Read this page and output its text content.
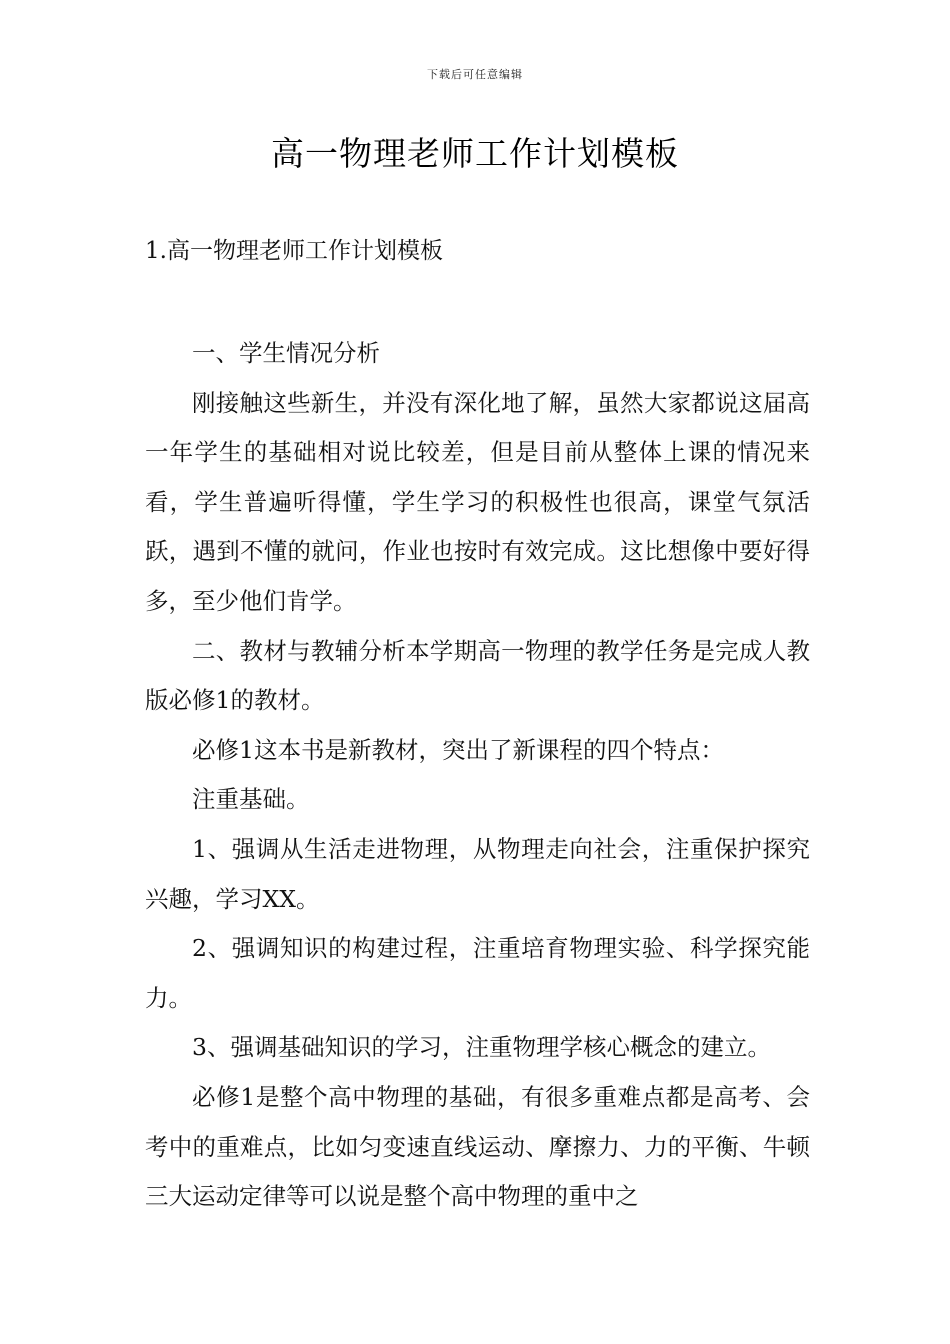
下载后可任意编辑
高一物理老师工作计划模板
1.高一物理老师工作计划模板

一、学生情况分析

刚接触这些新生，并没有深化地了解，虽然大家都说这届高一年学生的基础相对说比较差，但是目前从整体上课的情况来看，学生普遍听得懂，学生学习的积极性也很高，课堂气氛活跃，遇到不懂的就问，作业也按时有效完成。这比想像中要好得多，至少他们肯学。

二、教材与教辅分析本学期高一物理的教学任务是完成人教版必修1的教材。

必修1这本书是新教材，突出了新课程的四个特点：

注重基础。

1、强调从生活走进物理，从物理走向社会，注重保护探究兴趣，学习XX。

2、强调知识的构建过程，注重培育物理实验、科学探究能力。

3、强调基础知识的学习，注重物理学核心概念的建立。

必修1是整个高中物理的基础，有很多重难点都是高考、会考中的重难点，比如匀变速直线运动、摩擦力、力的平衡、牛顿三大运动定律等可以说是整个高中物理的重中之
